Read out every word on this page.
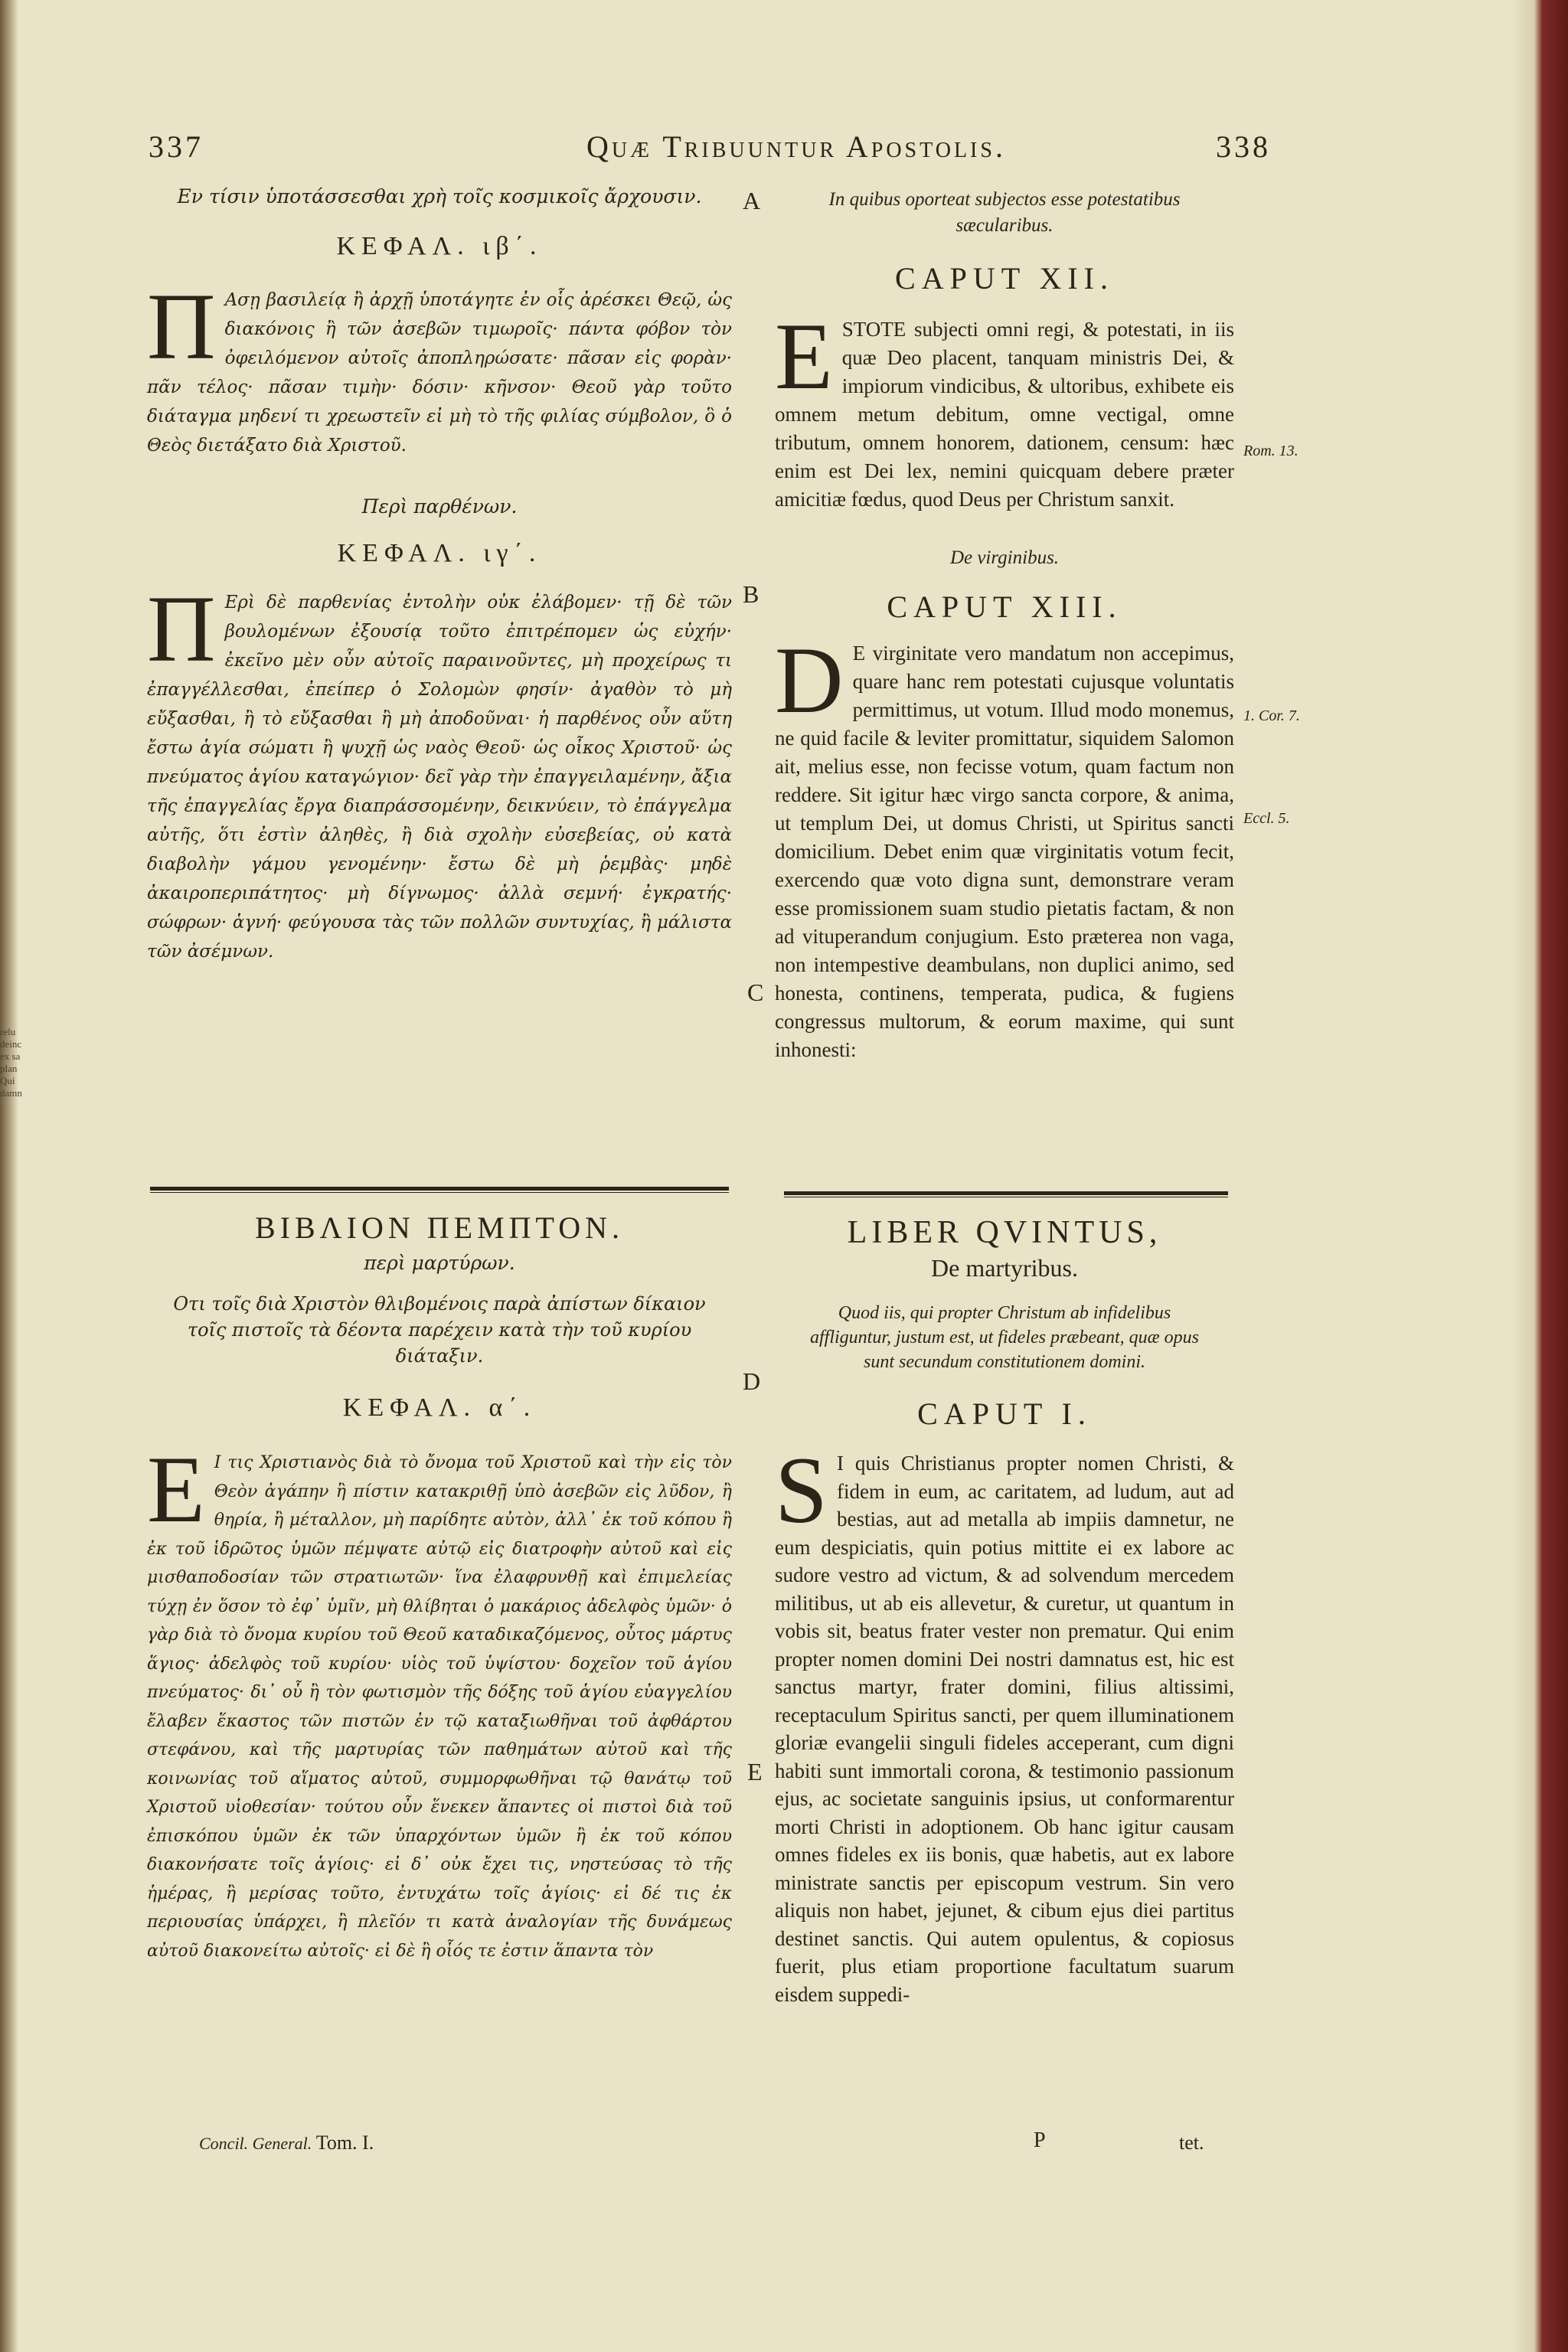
relu
deinc
ex sa
plan
Qui
damn
337	Quæ Tribuuntur Apostolis.	338
A
B
C
D
E
Rom. 13.
1. Cor. 7.
Eccl. 5.
Εν τίσιν ὑποτάσσεσθαι χρὴ τοῖς κοσμικοῖς ἄρχουσιν.
ΚΕΦΑΛ. ιβ΄.
Π Ασῃ βασιλείᾳ ἢ ἀρχῇ ὑποτάγητε ἐν οἷς ἀρέσκει Θεῷ, ὡς διακόνοις ἢ τῶν ἀσεβῶν τιμωροῖς· πάντα φόβον τὸν ὀφειλόμενον αὐτοῖς ἀποπληρώσατε· πᾶσαν εἰς φορὰν· πᾶν τέλος· πᾶσαν τιμὴν· δόσιν· κῆνσον· Θεοῦ γὰρ τοῦτο διάταγμα μηδενί τι χρεωστεῖν εἰ μὴ τὸ τῆς φιλίας σύμβολον, ὃ ὁ Θεὸς διετάξατο διὰ Χριστοῦ.
Περὶ παρθένων.
ΚΕΦΑΛ. ιγ΄.
Π Ερὶ δὲ παρθενίας ἐντολὴν οὐκ ἐλάβομεν· τῇ δὲ τῶν βουλομένων ἐξουσίᾳ τοῦτο ἐπιτρέπομεν ὡς εὐχήν· ἐκεῖνο μὲν οὖν αὐτοῖς παραινοῦντες, μὴ προχείρως τι ἐπαγγέλλεσθαι, ἐπείπερ ὁ Σολομὼν φησίν· ἀγαθὸν τὸ μὴ εὔξασθαι, ἢ τὸ εὔξασθαι ἢ μὴ ἀποδοῦναι· ἡ παρθένος οὖν αὕτη ἔστω ἁγία σώματι ἢ ψυχῇ ὡς ναὸς Θεοῦ· ὡς οἶκος Χριστοῦ· ὡς πνεύματος ἁγίου καταγώγιον· δεῖ γὰρ τὴν ἐπαγγειλαμένην, ἄξια τῆς ἐπαγγελίας ἔργα διαπράσσομένην, δεικνύειν, τὸ ἐπάγγελμα αὐτῆς, ὅτι ἐστὶν ἀληθὲς, ἢ διὰ σχολὴν εὐσεβείας, οὐ κατὰ διαβολὴν γάμου γενομένην· ἔστω δὲ μὴ ῥεμβὰς· μηδὲ ἀκαιροπεριπάτητος· μὴ δίγνωμος· ἀλλὰ σεμνή· ἐγκρατής· σώφρων· ἁγνή· φεύγουσα τὰς τῶν πολλῶν συντυχίας, ἢ μάλιστα τῶν ἀσέμνων.
ΒΙΒΛΙΟΝ ΠΕΜΠΤΟΝ.
περὶ μαρτύρων.
Οτι τοῖς διὰ Χριστὸν θλιβομένοις παρὰ ἀπίστων δίκαιον τοῖς πιστοῖς τὰ δέοντα παρέχειν κατὰ τὴν τοῦ κυρίου διάταξιν.
ΚΕΦΑΛ. α΄.
Ε Ι τις Χριστιανὸς διὰ τὸ ὄνομα τοῦ Χριστοῦ καὶ τὴν εἰς τὸν Θεὸν ἀγάπην ἢ πίστιν κατακριθῇ ὑπὸ ἀσεβῶν εἰς λῦδον, ἢ θηρία, ἢ μέταλλον, μὴ παρίδητε αὐτὸν, ἀλλ᾽ ἐκ τοῦ κόπου ἢ ἐκ τοῦ ἱδρῶτος ὑμῶν πέμψατε αὐτῷ εἰς διατροφὴν αὐτοῦ καὶ εἰς μισθαποδοσίαν τῶν στρατιωτῶν· ἵνα ἐλαφρυνθῇ καὶ ἐπιμελείας τύχῃ ἐν ὅσον τὸ ἐφ᾽ ὑμῖν, μὴ θλίβηται ὁ μακάριος ἀδελφὸς ὑμῶν· ὁ γὰρ διὰ τὸ ὄνομα κυρίου τοῦ Θεοῦ καταδικαζόμενος, οὗτος μάρτυς ἅγιος· ἀδελφὸς τοῦ κυρίου· υἱὸς τοῦ ὑψίστου· δοχεῖον τοῦ ἁγίου πνεύματος· δι᾽ οὗ ἢ τὸν φωτισμὸν τῆς δόξης τοῦ ἁγίου εὐαγγελίου ἔλαβεν ἕκαστος τῶν πιστῶν ἐν τῷ καταξιωθῆναι τοῦ ἀφθάρτου στεφάνου, καὶ τῆς μαρτυρίας τῶν παθημάτων αὐτοῦ καὶ τῆς κοινωνίας τοῦ αἵματος αὐτοῦ, συμμορφωθῆναι τῷ θανάτῳ τοῦ Χριστοῦ υἱοθεσίαν· τούτου οὖν ἕνεκεν ἅπαντες οἱ πιστοὶ διὰ τοῦ ἐπισκόπου ὑμῶν ἐκ τῶν ὑπαρχόντων ὑμῶν ἢ ἐκ τοῦ κόπου διακονήσατε τοῖς ἁγίοις· εἰ δ᾽ οὐκ ἔχει τις, νηστεύσας τὸ τῆς ἡμέρας, ἢ μερίσας τοῦτο, ἐντυχάτω τοῖς ἁγίοις· εἰ δέ τις ἐκ περιουσίας ὑπάρχει, ἢ πλεῖόν τι κατὰ ἀναλογίαν τῆς δυνάμεως αὐτοῦ διακονείτω αὐτοῖς· εἰ δὲ ἢ οἷός τε ἐστιν ἅπαντα τὸν
Concil. General. Tom. I.
In quibus oporteat subjectos esse potestatibus sæcularibus.
CAPUT XII.
E STOTE subjecti omni regi, & potestati, in iis quæ Deo placent, tanquam ministris Dei, & impiorum vindicibus, & ultoribus, exhibete eis omnem metum debitum, omne vectigal, omne tributum, omnem honorem, dationem, censum: hæc enim est Dei lex, nemini quicquam debere præter amicitiæ fœdus, quod Deus per Christum sanxit.
De virginibus.
CAPUT XIII.
D E virginitate vero mandatum non accepimus, quare hanc rem potestati cujusque voluntatis permittimus, ut votum. Illud modo monemus, ne quid facile & leviter promittatur, siquidem Salomon ait, melius esse, non fecisse votum, quam factum non reddere. Sit igitur hæc virgo sancta corpore, & anima, ut templum Dei, ut domus Christi, ut Spiritus sancti domicilium. Debet enim quæ virginitatis votum fecit, exercendo quæ voto digna sunt, demonstrare veram esse promissionem suam studio pietatis factam, & non ad vituperandum conjugium. Esto præterea non vaga, non intempestive deambulans, non duplici animo, sed honesta, continens, temperata, pudica, & fugiens congressus multorum, & eorum maxime, qui sunt inhonesti:
LIBER QVINTUS,
De martyribus.
Quod iis, qui propter Christum ab infidelibus affliguntur, justum est, ut fideles præbeant, quæ opus sunt secundum constitutionem domini.
CAPUT I.
S I quis Christianus propter nomen Christi, & fidem in eum, ac caritatem, ad ludum, aut ad bestias, aut ad metalla ab impiis damnetur, ne eum despiciatis, quin potius mittite ei ex labore ac sudore vestro ad victum, & ad solvendum mercedem militibus, ut ab eis allevetur, & curetur, ut quantum in vobis sit, beatus frater vester non prematur. Qui enim propter nomen domini Dei nostri damnatus est, hic est sanctus martyr, frater domini, filius altissimi, receptaculum Spiritus sancti, per quem illuminationem gloriæ evangelii singuli fideles acceperant, cum digni habiti sunt immortali corona, & testimonio passionum ejus, ac societate sanguinis ipsius, ut conformarentur morti Christi in adoptionem. Ob hanc igitur causam omnes fideles ex iis bonis, quæ habetis, aut ex labore ministrate sanctis per episcopum vestrum. Sin vero aliquis non habet, jejunet, & cibum ejus diei partitus destinet sanctis. Qui autem opulentus, & copiosus fuerit, plus etiam proportione facultatum suarum eisdem suppedi-
P	tet.
